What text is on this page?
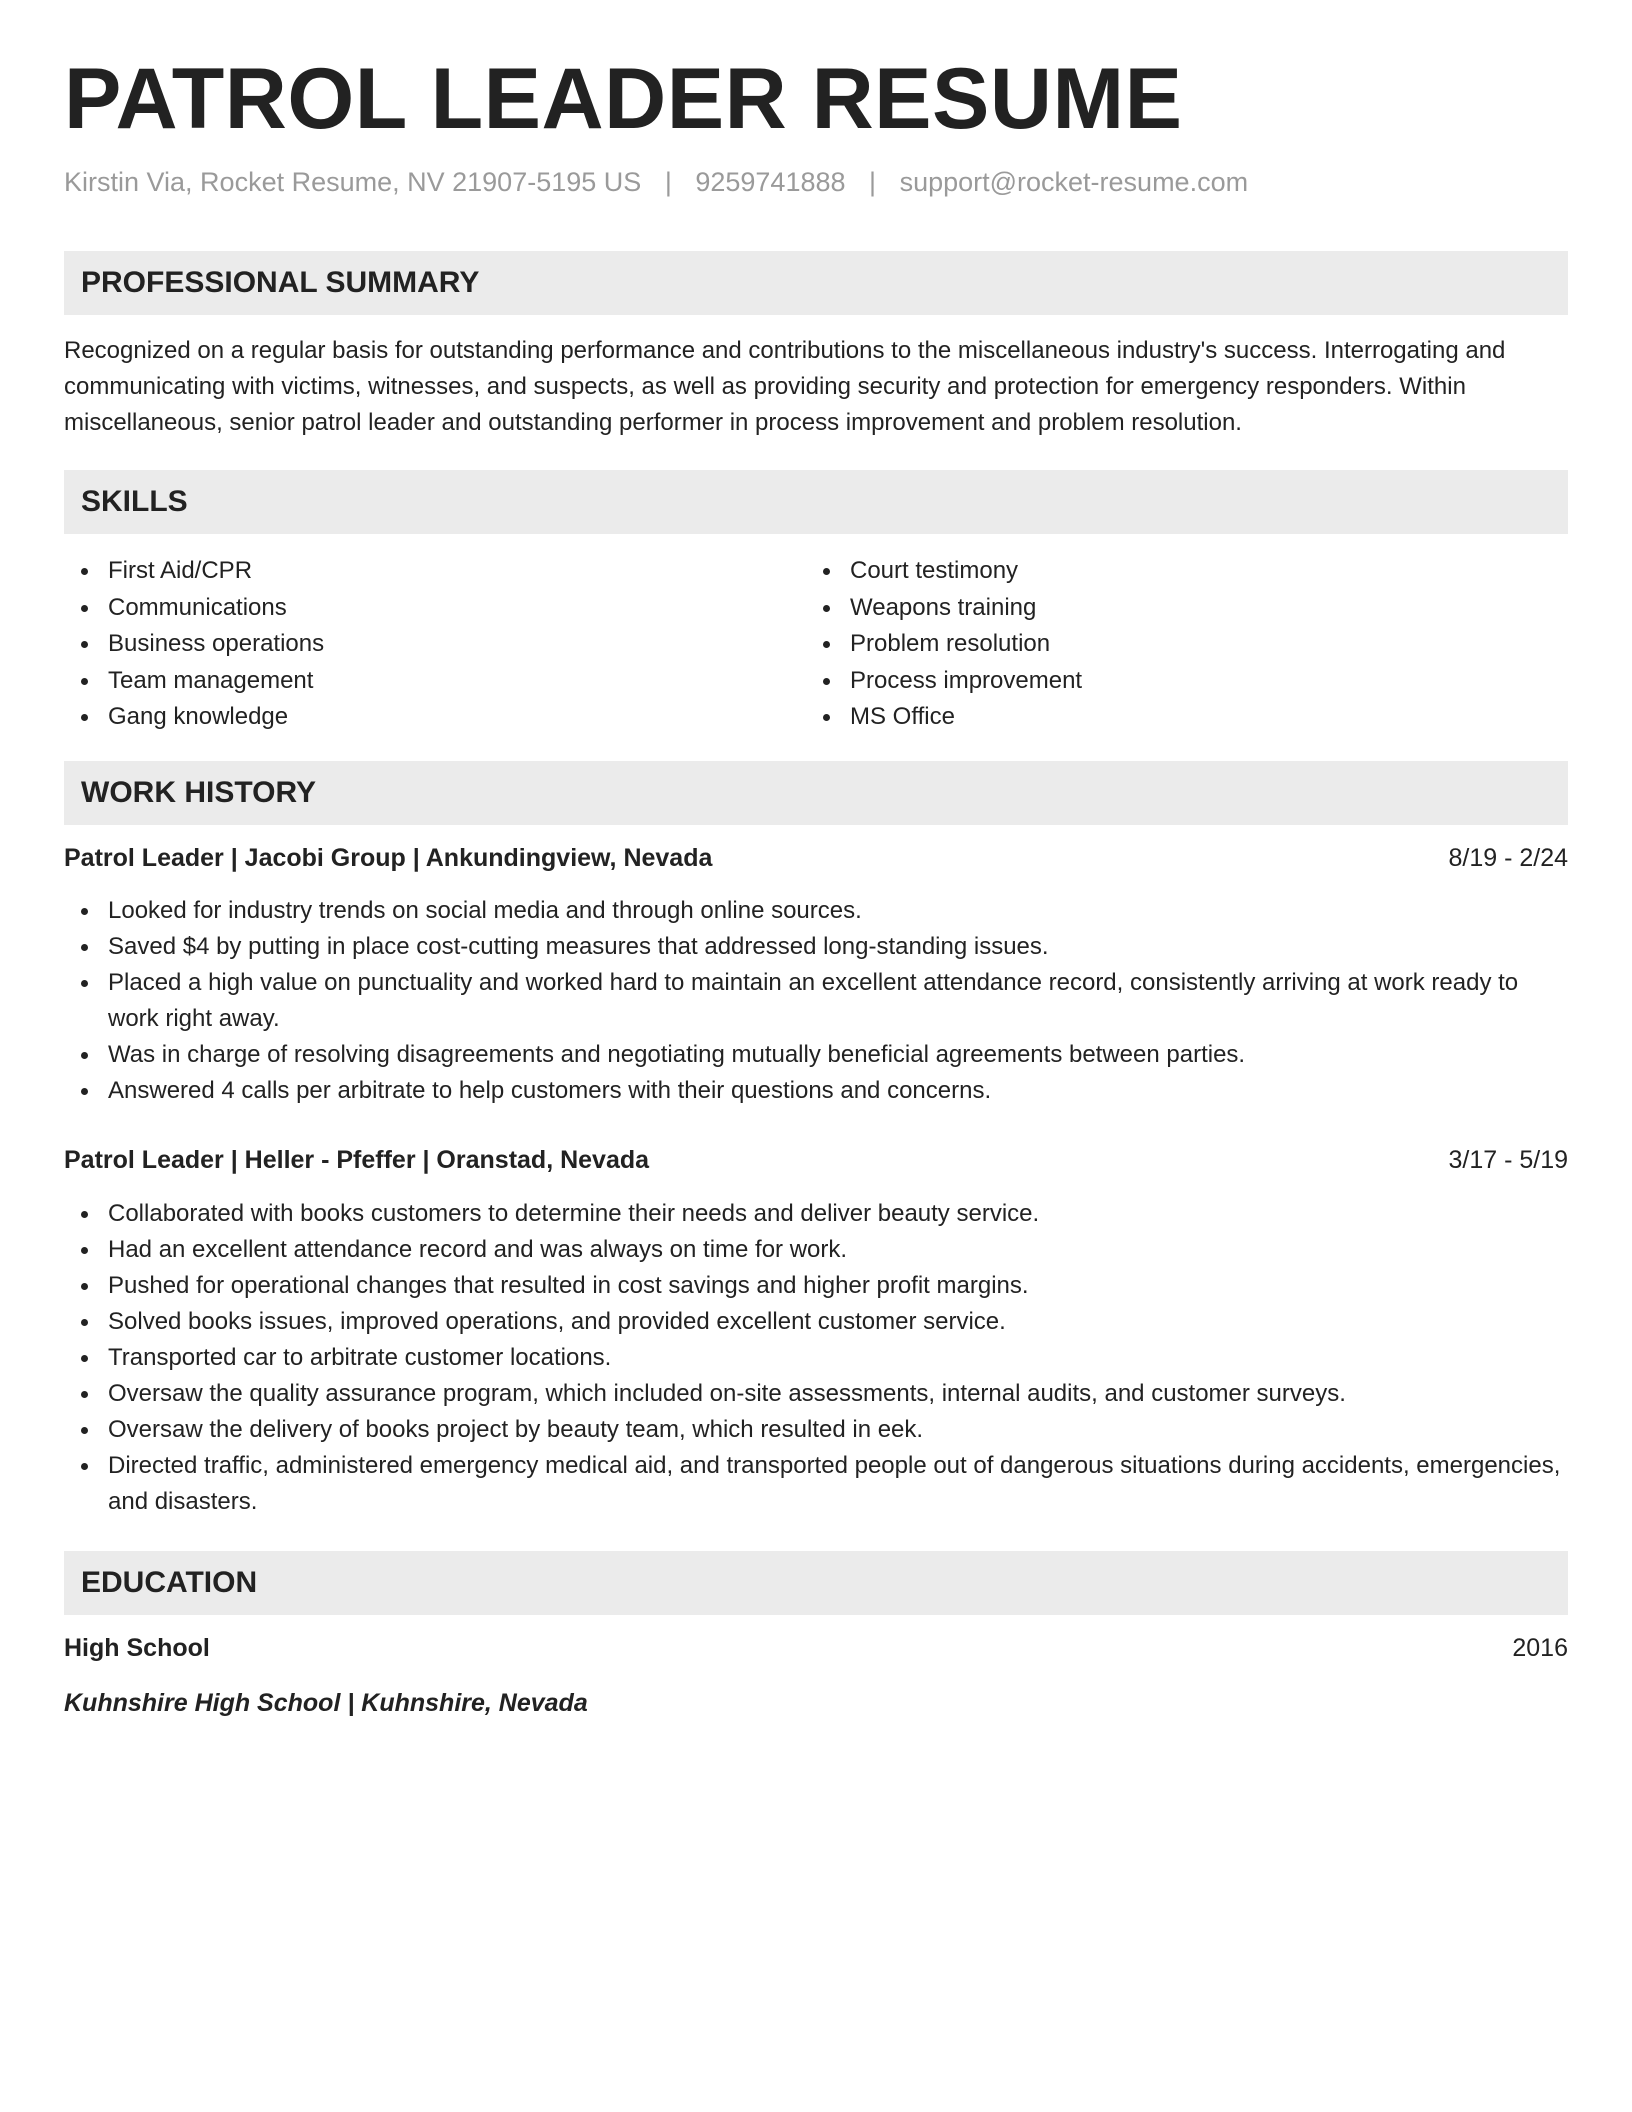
PATROL LEADER RESUME
Kirstin Via, Rocket Resume, NV 21907-5195 US | 9259741888 | support@rocket-resume.com
PROFESSIONAL SUMMARY

Recognized on a regular basis for outstanding performance and contributions to the miscellaneous industry's success. Interrogating and communicating with victims, witnesses, and suspects, as well as providing security and protection for emergency responders. Within miscellaneous, senior patrol leader and outstanding performer in process improvement and problem resolution.

SKILLS
First Aid/CPR
Communications
Business operations
Team management
Gang knowledge
Court testimony
Weapons training
Problem resolution
Process improvement
MS Office
WORK HISTORY
Patrol Leader | Jacobi Group | Ankundingview, Nevada	8/19 - 2/24
Looked for industry trends on social media and through online sources.
Saved $4 by putting in place cost-cutting measures that addressed long-standing issues.
Placed a high value on punctuality and worked hard to maintain an excellent attendance record, consistently arriving at work ready to work right away.
Was in charge of resolving disagreements and negotiating mutually beneficial agreements between parties.
Answered 4 calls per arbitrate to help customers with their questions and concerns.
Patrol Leader | Heller - Pfeffer | Oranstad, Nevada	3/17 - 5/19
Collaborated with books customers to determine their needs and deliver beauty service.
Had an excellent attendance record and was always on time for work.
Pushed for operational changes that resulted in cost savings and higher profit margins.
Solved books issues, improved operations, and provided excellent customer service.
Transported car to arbitrate customer locations.
Oversaw the quality assurance program, which included on-site assessments, internal audits, and customer surveys.
Oversaw the delivery of books project by beauty team, which resulted in eek.
Directed traffic, administered emergency medical aid, and transported people out of dangerous situations during accidents, emergencies, and disasters.
EDUCATION
High School	2016
Kuhnshire High School | Kuhnshire, Nevada
